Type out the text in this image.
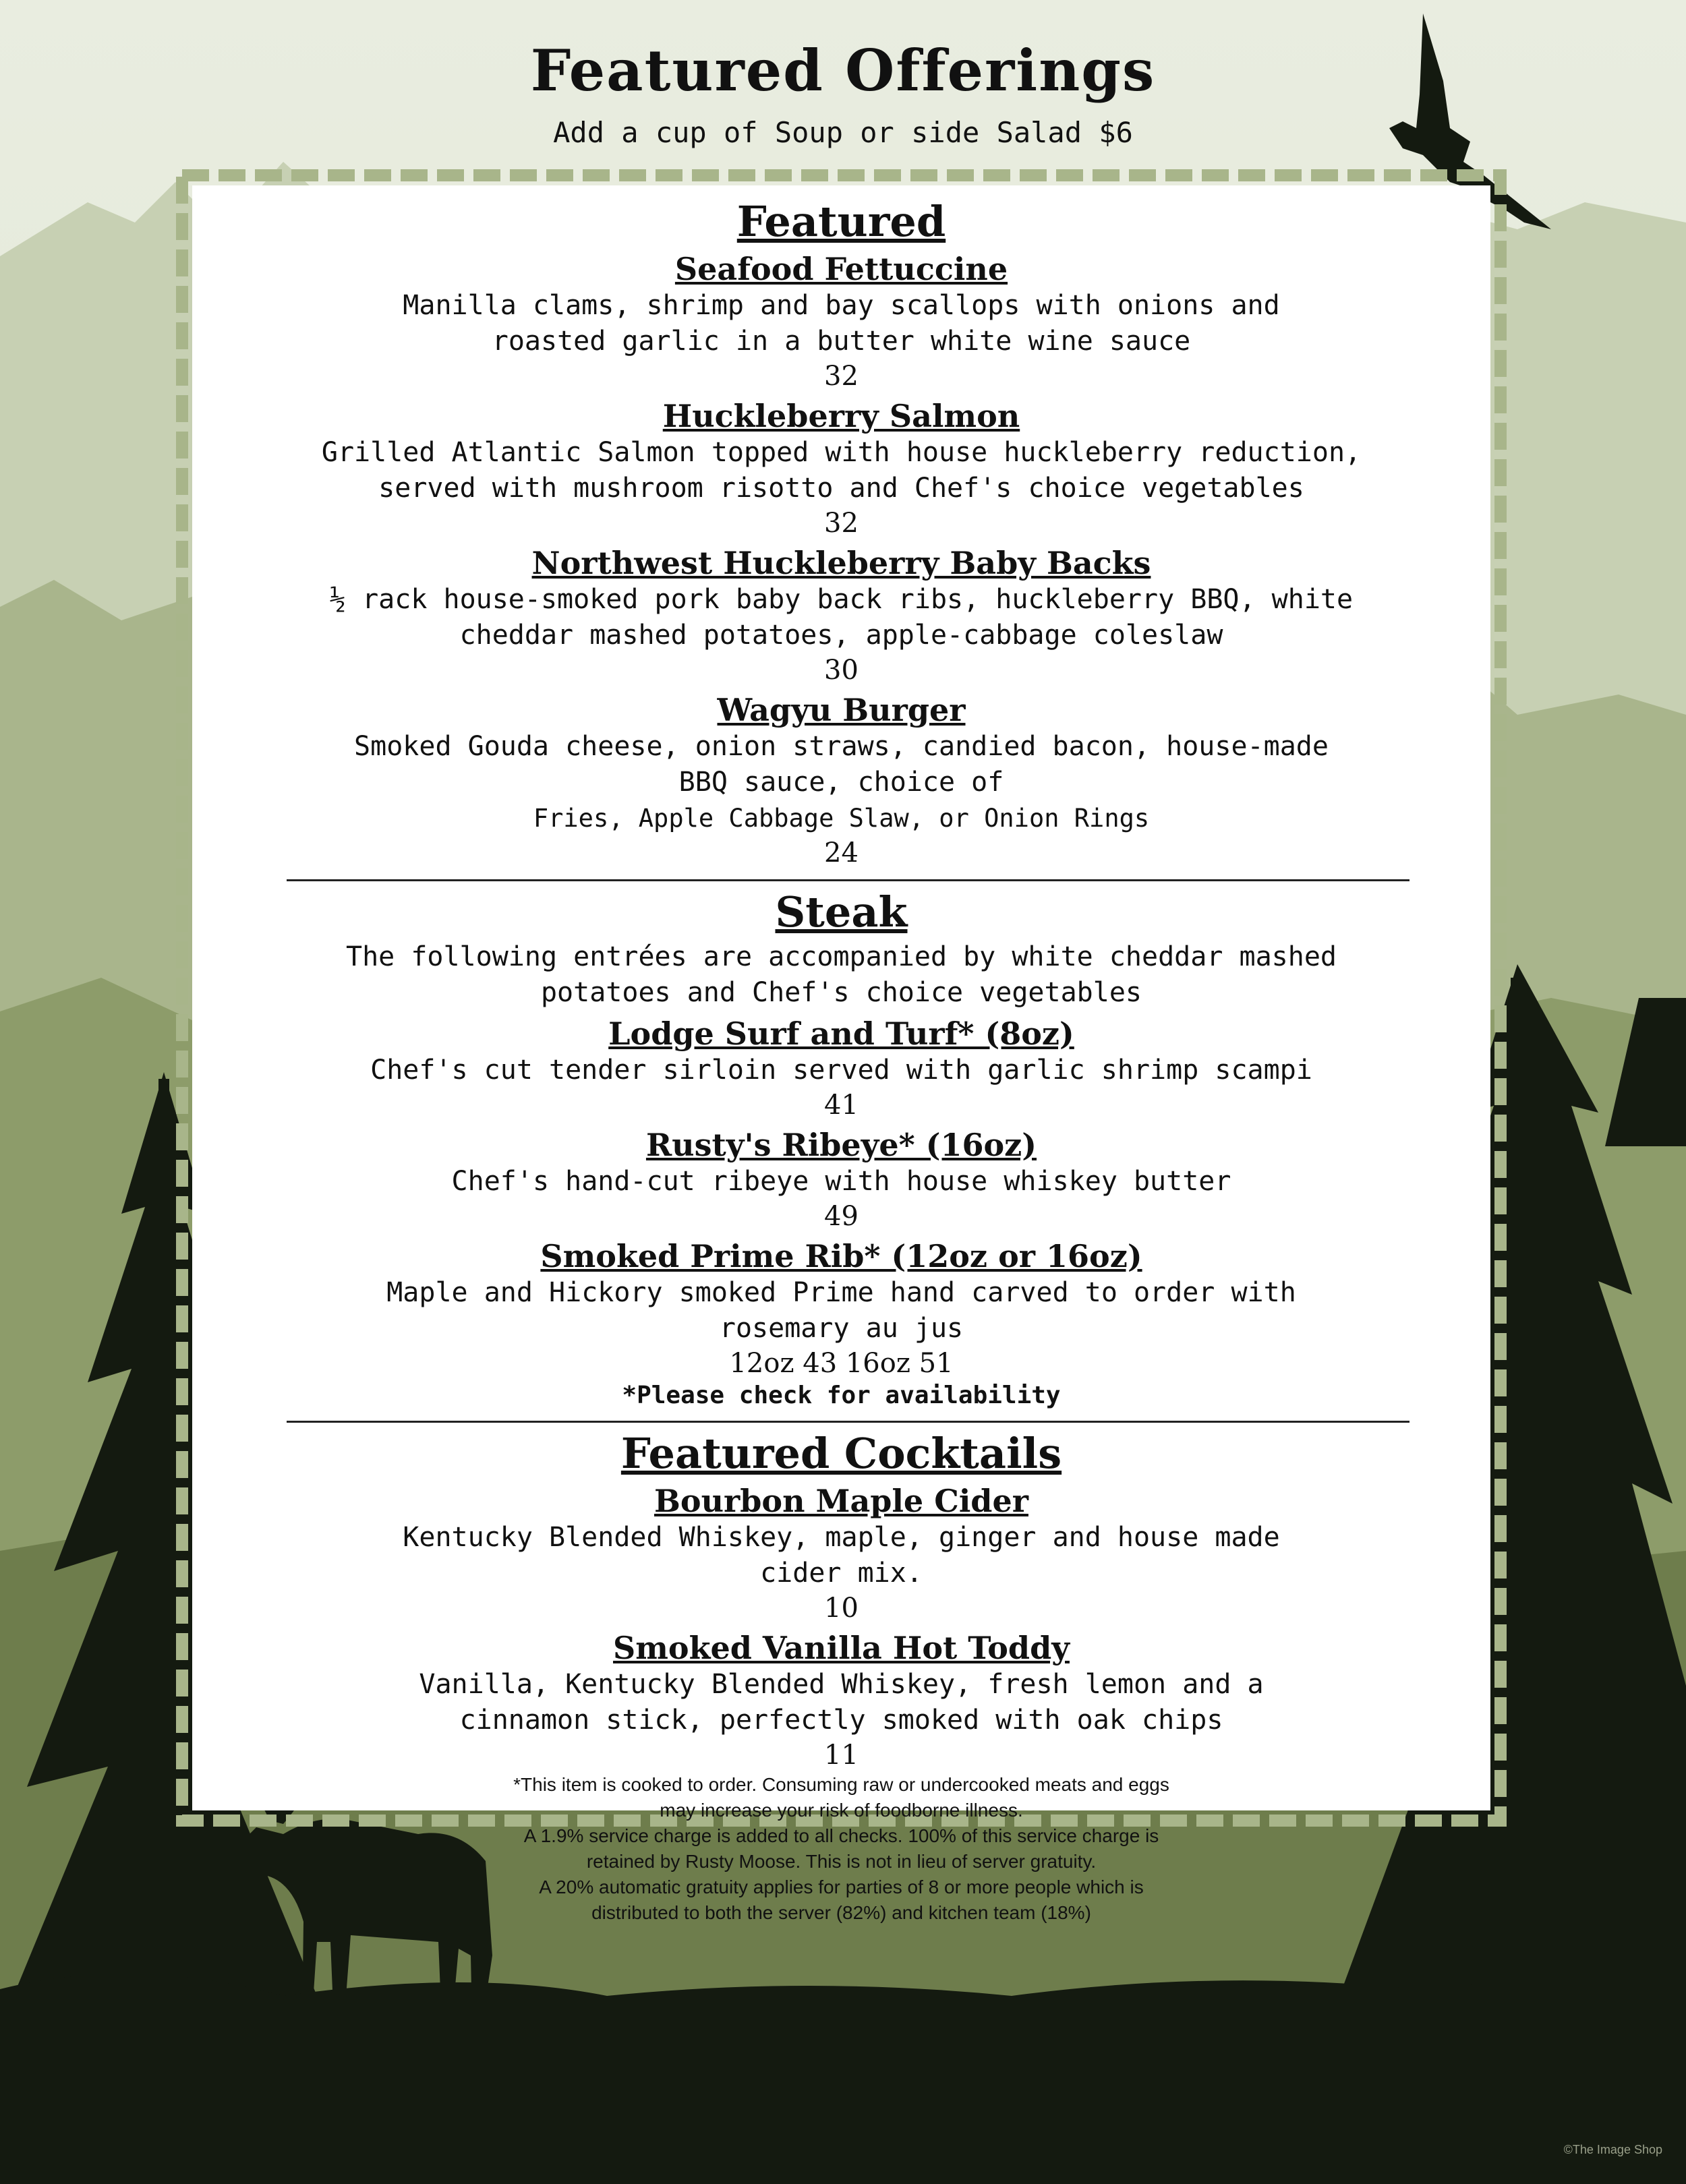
Featured Offerings
Add a cup of Soup or side Salad $6
Featured
Seafood Fettuccine
Manilla clams, shrimp and bay scallops with onions and
roasted garlic in a butter white wine sauce
32
Huckleberry Salmon
Grilled Atlantic Salmon topped with house huckleberry reduction,
served with mushroom risotto and Chef's choice vegetables
32
Northwest Huckleberry Baby Backs
½ rack house-smoked pork baby back ribs, huckleberry BBQ, white
cheddar mashed potatoes, apple-cabbage coleslaw
30
Wagyu Burger
Smoked Gouda cheese, onion straws, candied bacon, house-made
BBQ sauce, choice of
Fries, Apple Cabbage Slaw, or Onion Rings
24
Steak
The following entrées are accompanied by white cheddar mashed
potatoes and Chef's choice vegetables
Lodge Surf and Turf* (8oz)
Chef's cut tender sirloin served with garlic shrimp scampi
41
Rusty's Ribeye* (16oz)
Chef's hand-cut ribeye with house whiskey butter
49
Smoked Prime Rib* (12oz or 16oz)
Maple and Hickory smoked Prime hand carved to order with
rosemary au jus
12oz 43 16oz 51
*Please check for availability
Featured Cocktails
Bourbon Maple Cider
Kentucky Blended Whiskey, maple, ginger and house made
cider mix.
10
Smoked Vanilla Hot Toddy
Vanilla, Kentucky Blended Whiskey, fresh lemon and a
cinnamon stick, perfectly smoked with oak chips
11

*This item is cooked to order. Consuming raw or undercooked meats and eggs

may increase your risk of foodborne illness.

A 1.9% service charge is added to all checks. 100% of this service charge is

retained by Rusty Moose. This is not in lieu of server gratuity.

A 20% automatic gratuity applies for parties of 8 or more people which is

distributed to both the server (82%) and kitchen team (18%)

©The Image Shop
